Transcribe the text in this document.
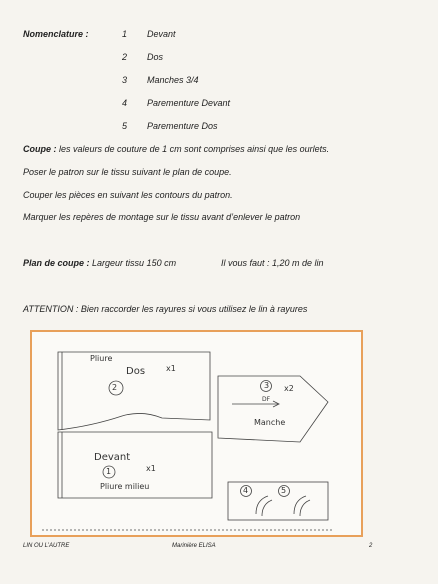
Nomenclature :	1 Devant
2 Dos
3 Manches 3/4
4 Parementure Devant
5 Parementure Dos
Coupe : les valeurs de couture de 1 cm sont comprises ainsi que les ourlets.
Poser le patron sur le tissu suivant le plan de coupe.
Couper les pièces en suivant les contours du patron.
Marquer les repères de montage sur le tissu avant d’enlever le patron
Plan de coupe : Largeur tissu 150 cm	Il vous faut : 1,20 m de lin
ATTENTION : Bien raccorder les rayures si vous utilisez le lin à rayures
Pliure
Dos	x1
2	3 x2
DF
Manche
Devant
1	x1
Pliure milieu	4	5
LIN OU L’AUTRE	Marinière ELISA	2
